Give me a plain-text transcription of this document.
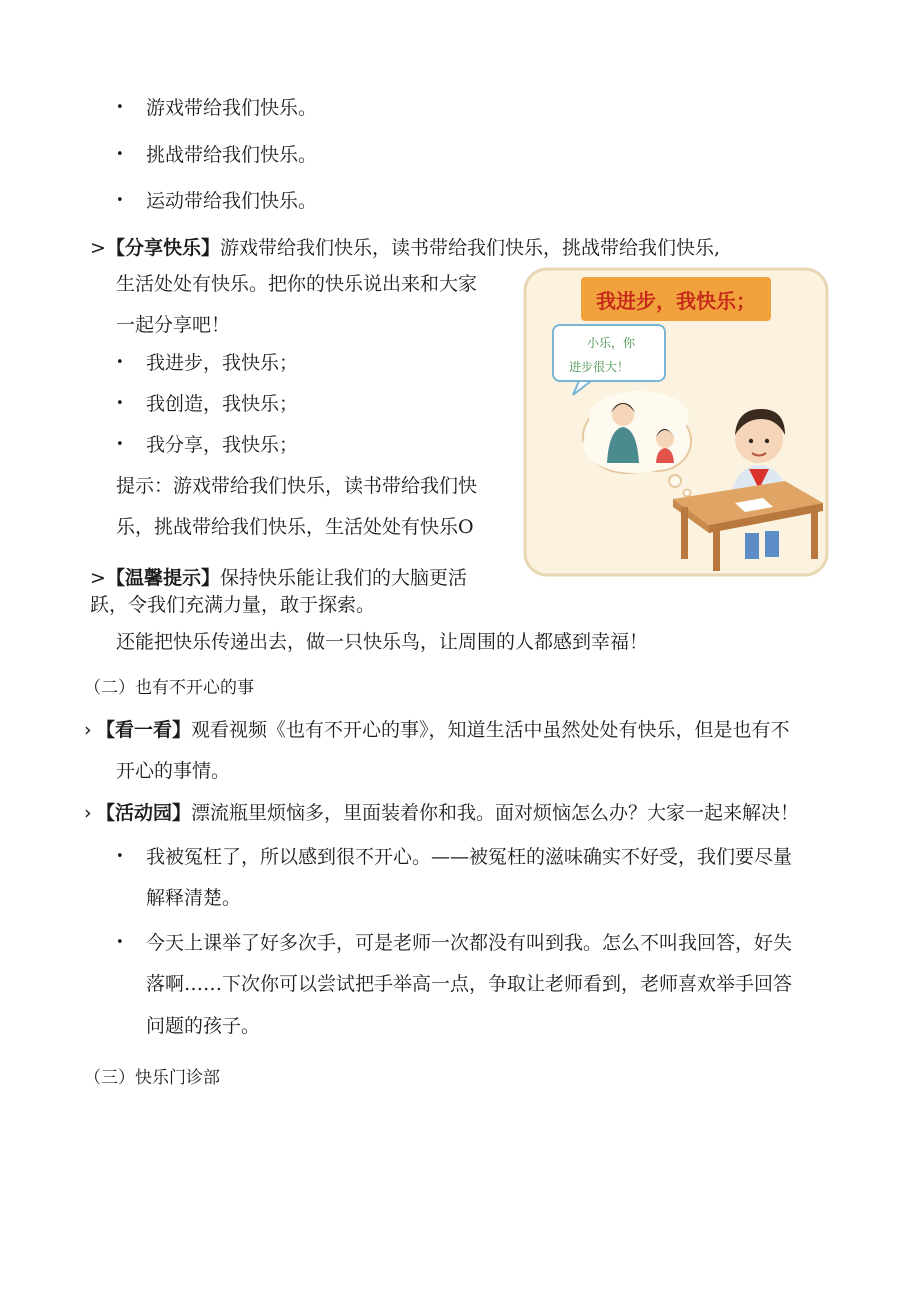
• 游戏带给我们快乐。
• 挑战带给我们快乐。
• 运动带给我们快乐。
> 【分享快乐】游戏带给我们快乐，读书带给我们快乐，挑战带给我们快乐,
生活处处有快乐。把你的快乐说出来和大家
一起分享吧！
• 我进步，我快乐；
• 我创造，我快乐；
• 我分享，我快乐；
提示：游戏带给我们快乐，读书带给我们快
乐，挑战带给我们快乐，生活处处有快乐O
我进步，我快乐；
小乐，你
进步很大！
> 【温馨提示】保持快乐能让我们的大脑更活
跃，令我们充满力量，敢于探索。
还能把快乐传递出去，做一只快乐鸟，让周围的人都感到幸福！
（二）也有不开心的事
› 【看一看】观看视频《也有不开心的事》，知道生活中虽然处处有快乐，但是也有不
开心的事情。
› 【活动园】漂流瓶里烦恼多，里面装着你和我。面对烦恼怎么办？大家一起来解决！
• 我被冤枉了，所以感到很不开心。——被冤枉的滋味确实不好受，我们要尽量
解释清楚。
• 今天上课举了好多次手，可是老师一次都没有叫到我。怎么不叫我回答，好失
落啊……下次你可以尝试把手举高一点，争取让老师看到，老师喜欢举手回答
问题的孩子。
（三）快乐门诊部
